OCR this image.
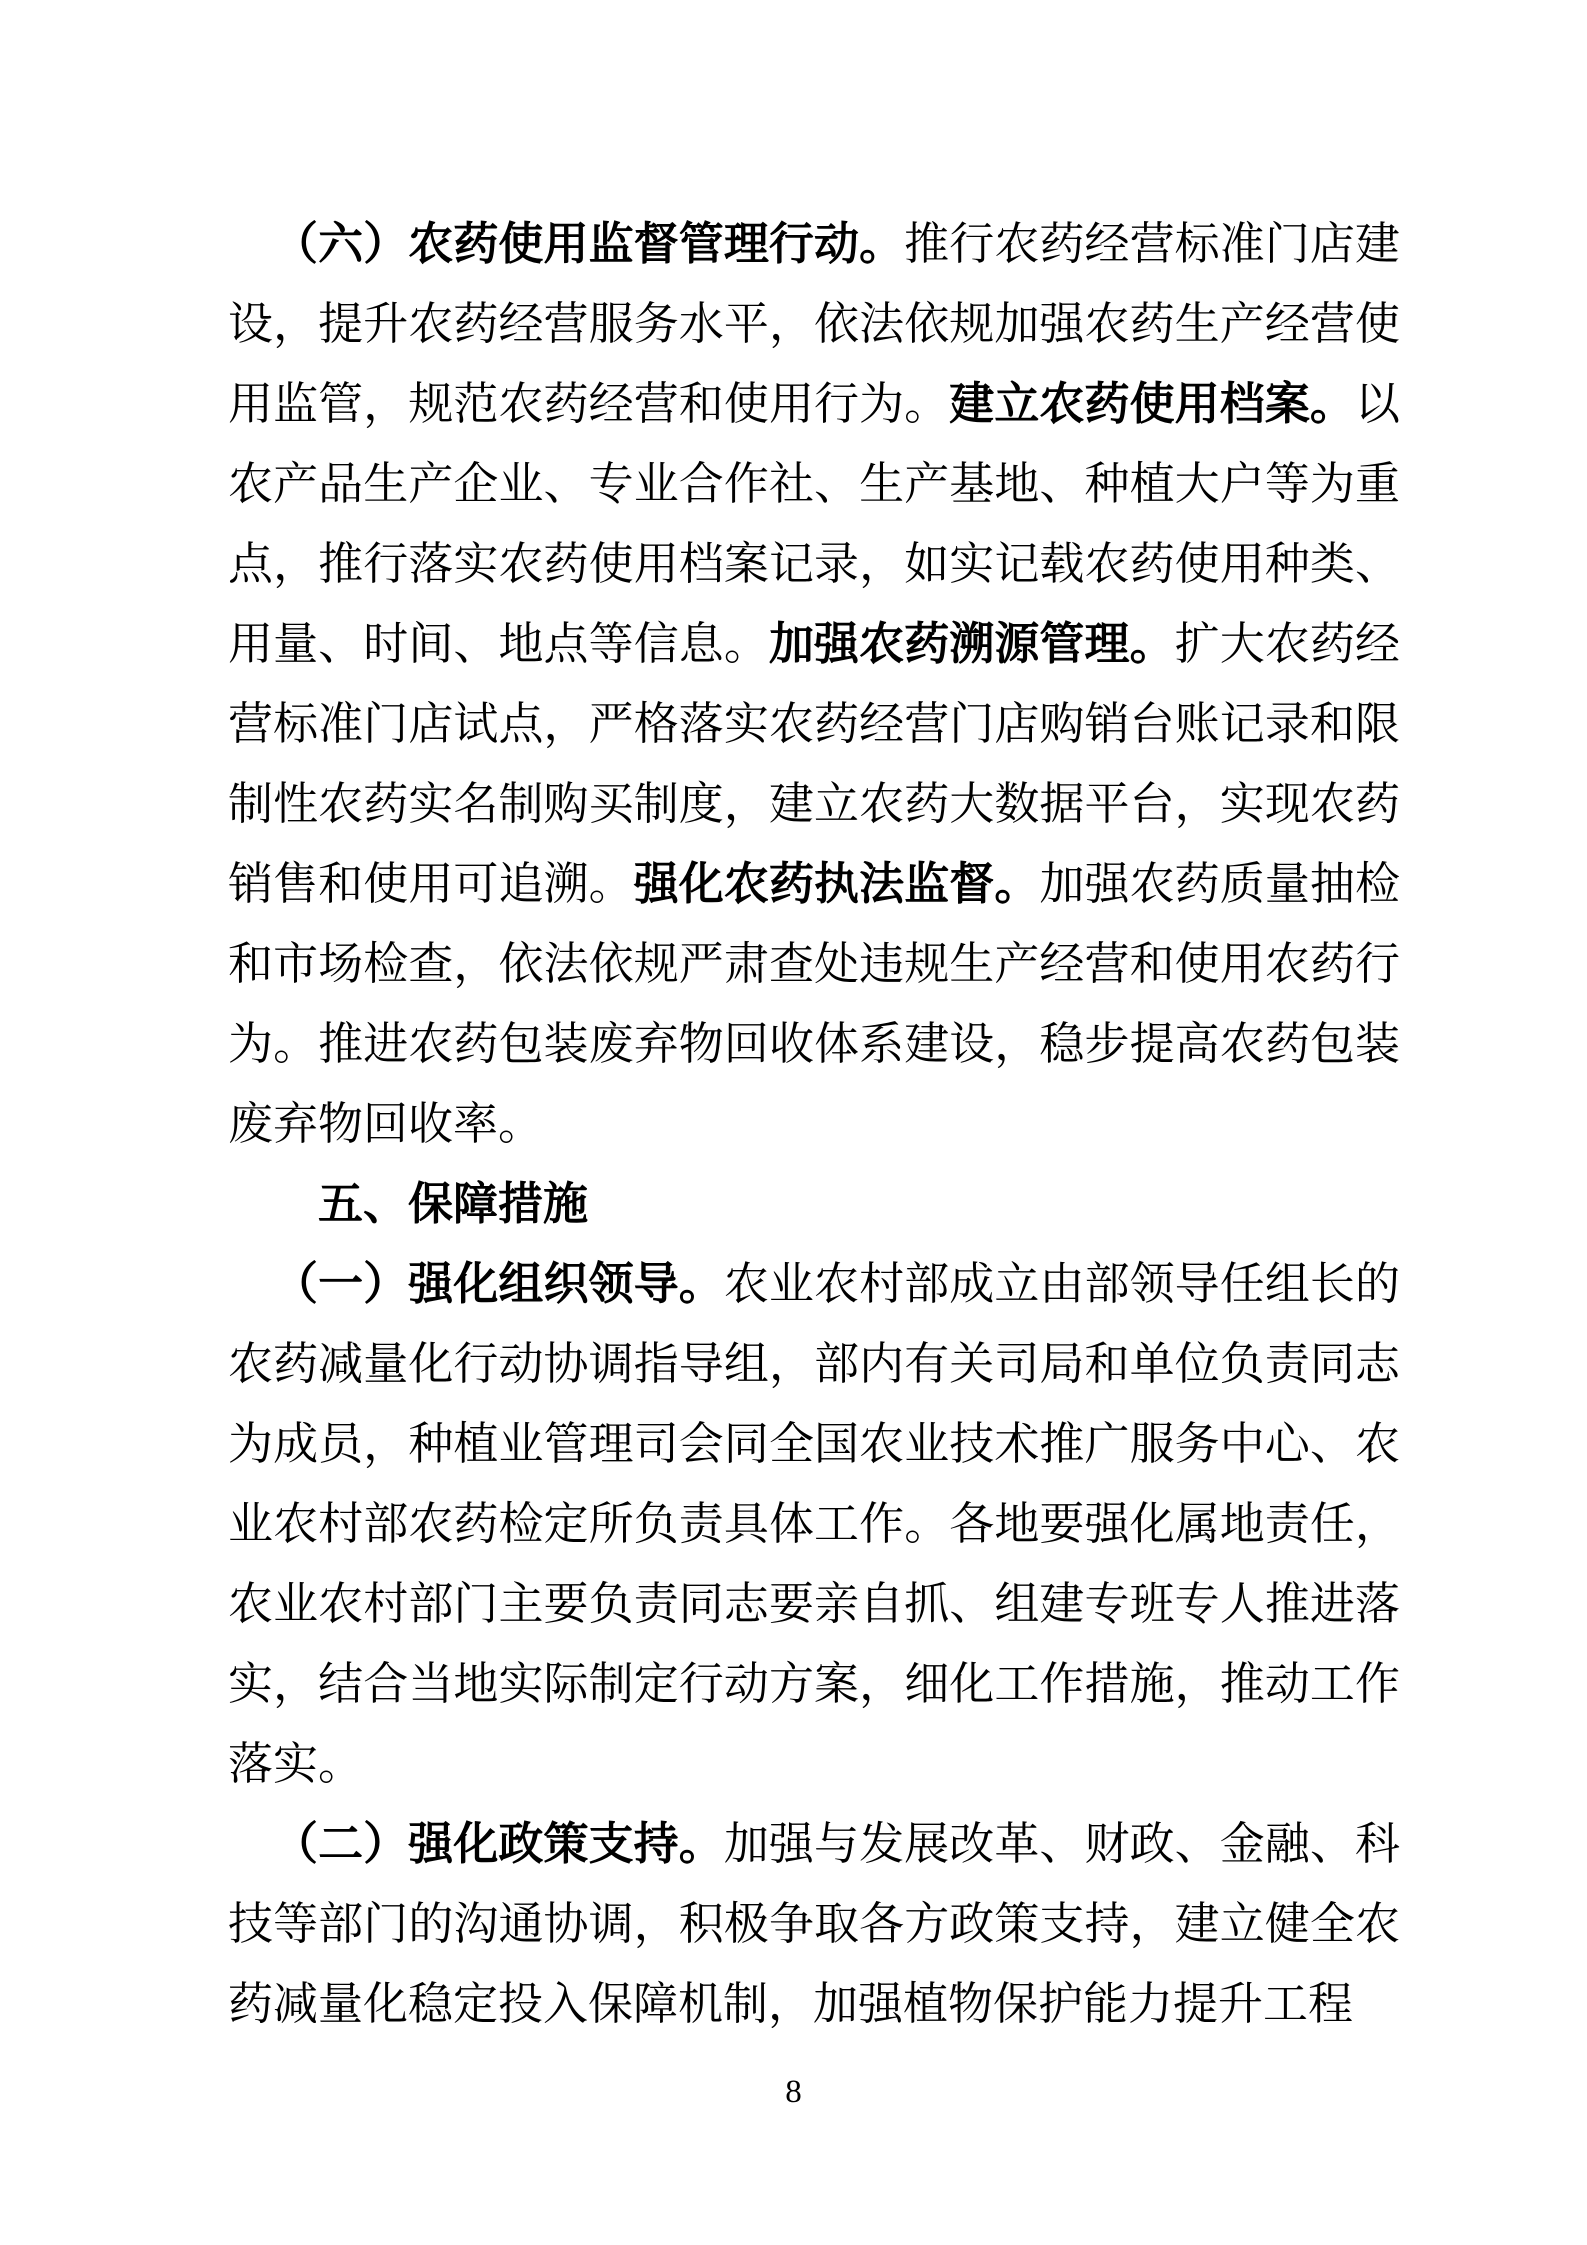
（六）农药使用监督管理行动。推行农药经营标准门店建设，提升农药经营服务水平，依法依规加强农药生产经营使用监管，规范农药经营和使用行为。建立农药使用档案。以农产品生产企业、专业合作社、生产基地、种植大户等为重点，推行落实农药使用档案记录，如实记载农药使用种类、用量、时间、地点等信息。加强农药溯源管理。扩大农药经营标准门店试点，严格落实农药经营门店购销台账记录和限制性农药实名制购买制度，建立农药大数据平台，实现农药销售和使用可追溯。强化农药执法监督。加强农药质量抽检和市场检查，依法依规严肃查处违规生产经营和使用农药行为。推进农药包装废弃物回收体系建设，稳步提高农药包装废弃物回收率。

五、保障措施

（一）强化组织领导。农业农村部成立由部领导任组长的农药减量化行动协调指导组，部内有关司局和单位负责同志为成员，种植业管理司会同全国农业技术推广服务中心、农业农村部农药检定所负责具体工作。各地要强化属地责任，农业农村部门主要负责同志要亲自抓、组建专班专人推进落实，结合当地实际制定行动方案，细化工作措施，推动工作落实。

（二）强化政策支持。加强与发展改革、财政、金融、科技等部门的沟通协调，积极争取各方政策支持，建立健全农药减量化稳定投入保障机制，加强植物保护能力提升工程

8
